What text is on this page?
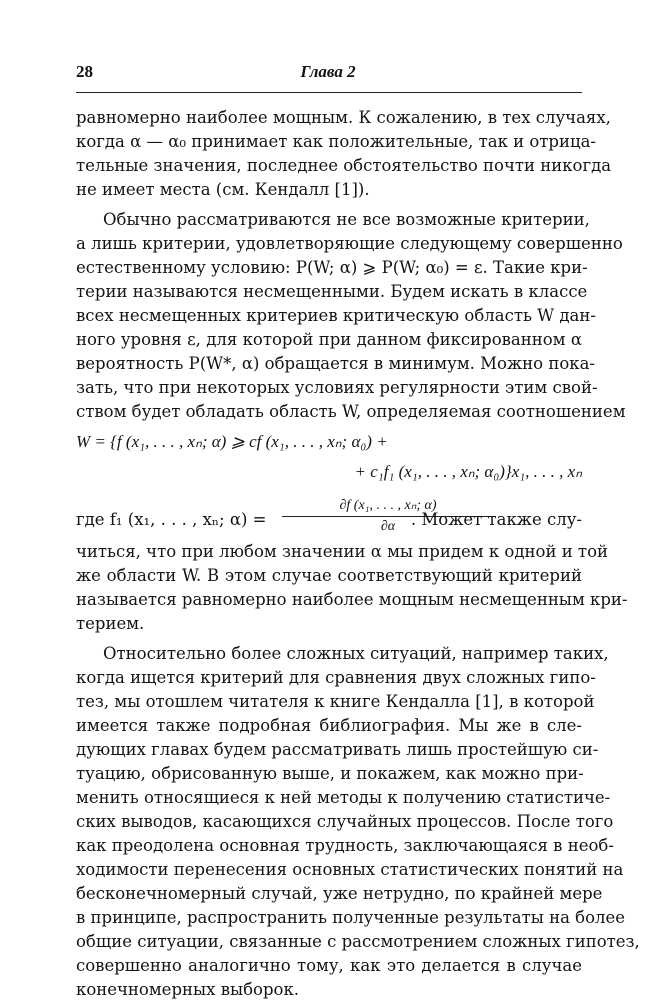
28	Глава 2
равномерно наиболее мощным. К сожалению, в тех случаях,
когда α — α₀ принимает как положительные, так и отрица-
тельные значения, последнее обстоятельство почти никогда
не имеет места (см. Кендалл [1]).
Обычно рассматриваются не все возможные критерии,
а лишь критерии, удовлетворяющие следующему совершенно
естественному условию: P(W; α) ⩾ P(W; α₀) = ε. Такие кри-
терии называются несмещенными. Будем искать в классе
всех несмещенных критериев критическую область W дан-
ного уровня ε, для которой при данном фиксированном α
вероятность P(W*, α) обращается в минимум. Можно пока-
зать, что при некоторых условиях регулярности этим свой-
ством будет обладать область W, определяемая соотношением
W = {f (x₁, . . . , xₙ; α) ⩾ cf (x₁, . . . , xₙ; α₀) +
+ c₁f₁ (x₁, . . . , xₙ; α₀)}x₁, . . . , xₙ
где f₁ (x₁, . . . , xₙ; $\alpha) = \frac{\text{∂f (x₁, . . . , xₙ; α)}}{\partial\alpha}$
. Может также слу-
читься, что при любом значении α мы придем к одной и той
же области W. В этом случае соответствующий критерий
называется равномерно наиболее мощным несмещенным кри-
терием.
Относительно более сложных ситуаций, например таких,
когда ищется критерий для сравнения двух сложных гипо-
тез, мы отошлем читателя к книге Кендалла [1], в которой
имеется также подробная библиография. Мы же в сле-
дующих главах будем рассматривать лишь простейшую си-
туацию, обрисованную выше, и покажем, как можно при-
менить относящиеся к ней методы к получению статистиче-
ских выводов, касающихся случайных процессов. После того
как преодолена основная трудность, заключающаяся в необ-
ходимости перенесения основных статистических понятий на
бесконечномерный случай, уже нетрудно, по крайней мере
в принципе, распространить полученные результаты на более
общие ситуации, связанные с рассмотрением сложных гипотез,
совершенно аналогично тому, как это делается в случае
конечномерных выборок.
